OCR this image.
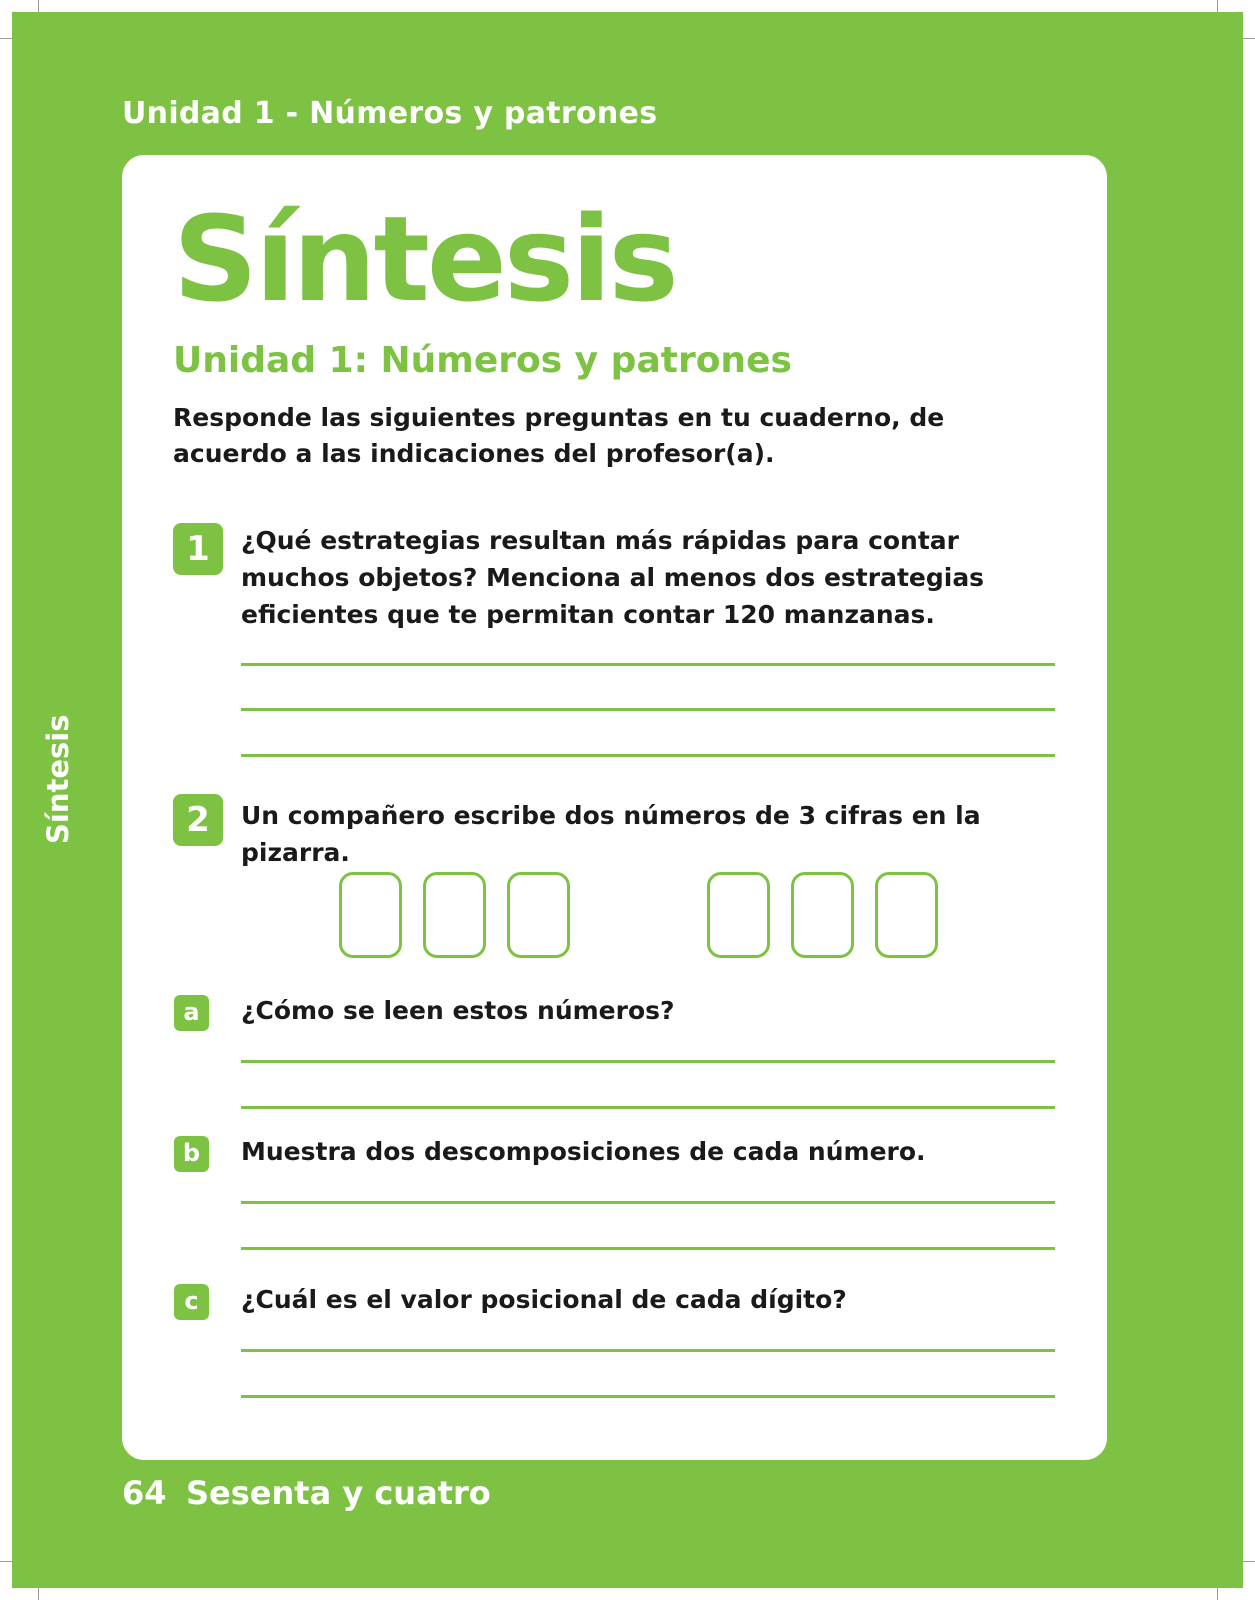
Unidad 1 - Números y patrones
Síntesis
Síntesis
Unidad 1: Números y patrones
Responde las siguientes preguntas en tu cuaderno, de acuerdo a las indicaciones del profesor(a).
1	¿Qué estrategias resultan más rápidas para contar muchos objetos? Menciona al menos dos estrategias eficientes que te permitan contar 120 manzanas.
2	Un compañero escribe dos números de 3 cifras en la pizarra.
a	¿Cómo se leen estos números?
b	Muestra dos descomposiciones de cada número.
c	¿Cuál es el valor posicional de cada dígito?
64 Sesenta y cuatro
